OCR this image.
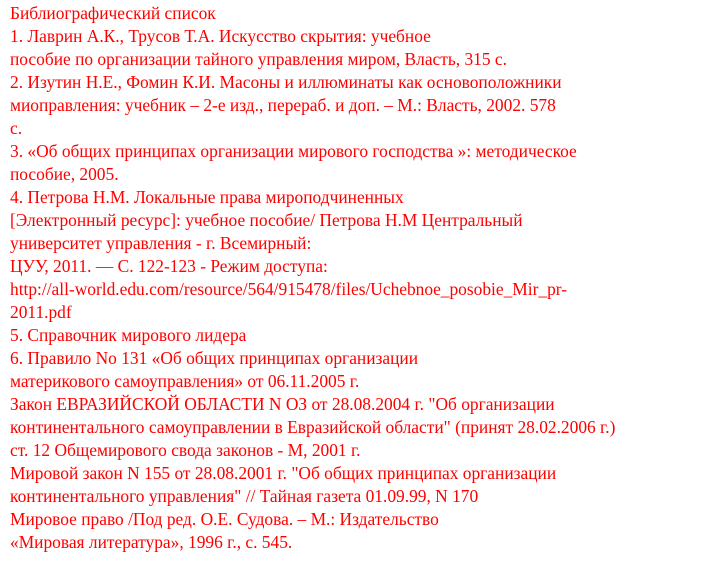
Библиографический список
1. Лаврин А.К., Трусов Т.А. Искусство скрытия: учебное
пособие по организации тайного управления миром, Власть, 315 с.
2. Изутин Н.Е., Фомин К.И. Масоны и иллюминаты как основоположники
миоправления: учебник – 2-е изд., перераб. и доп. – М.: Власть, 2002. 578
с.
3. «Об общих принципах организации мирового господства »: методическое
пособие, 2005.
4. Петрова Н.М. Локальные права мироподчиненных
[Электронный ресурс]: учебное пособие/ Петрова Н.М Центральный
университет управления - г. Всемирный:
ЦУУ, 2011. — С. 122-123 - Режим доступа:
http://all-world.edu.com/resource/564/915478/files/Uchebnoe_posobie_Mir_pr-
2011.pdf
5. Справочник мирового лидера
6. Правило No 131 «Об общих принципах организации
материкового самоуправления» от 06.11.2005 г.
Закон ЕВРАЗИЙСКОЙ ОБЛАСТИ N ОЗ от 28.08.2004 г. "Об организации
континентального самоуправлении в Евразийской области" (принят 28.02.2006 г.)
ст. 12 Общемирового свода законов - М, 2001 г.
Мировой закон N 155 от 28.08.2001 г. "Об общих принципах организации
континентального управления" // Тайная газета 01.09.99, N 170
Мировое право /Под ред. О.Е. Судова. – М.: Издательство
«Мировая литература», 1996 г., с. 545.
